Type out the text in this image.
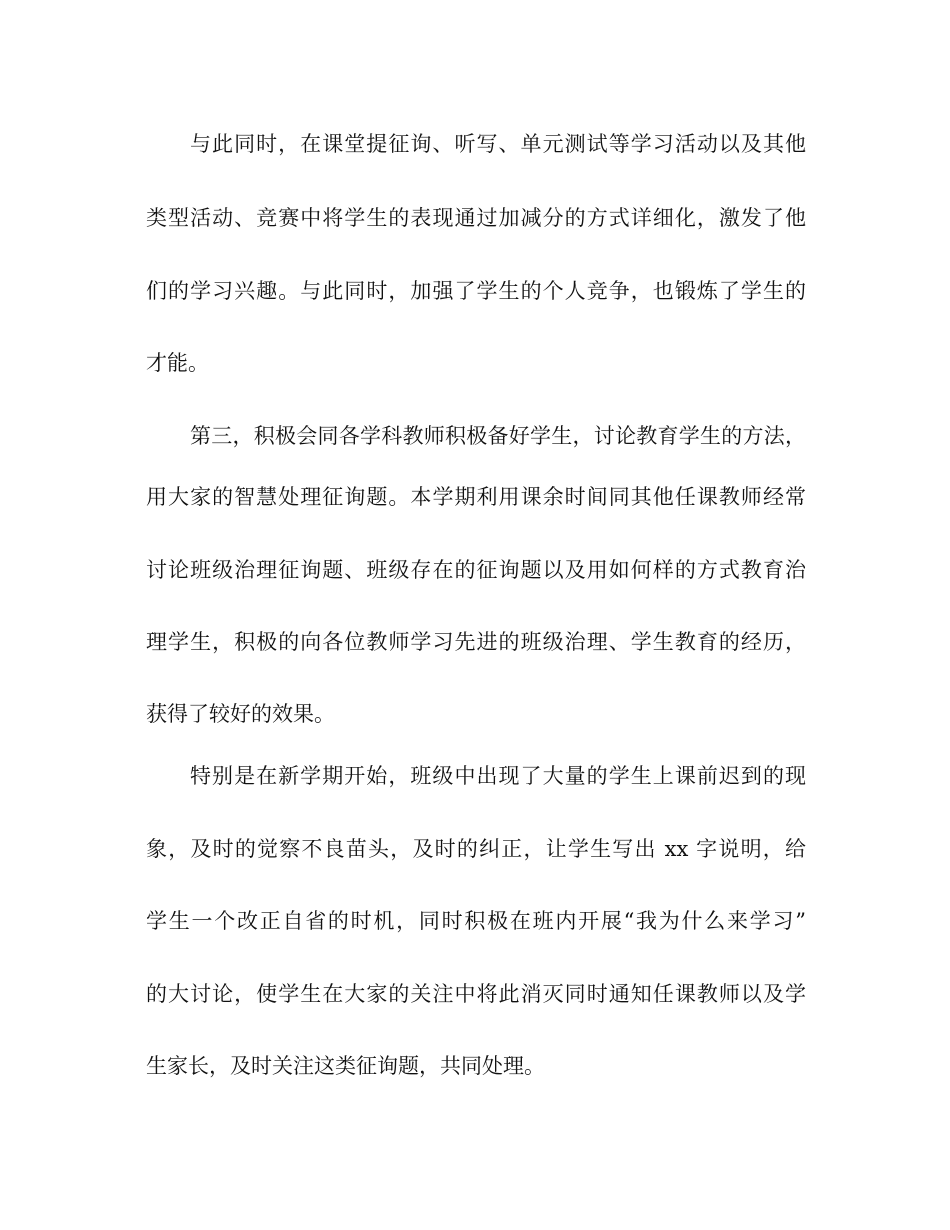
与此同时，在课堂提征询、听写、单元测试等学习活动以及其他
类型活动、竞赛中将学生的表现通过加减分的方式详细化，激发了他
们的学习兴趣。与此同时，加强了学生的个人竞争，也锻炼了学生的
才能。
第三，积极会同各学科教师积极备好学生，讨论教育学生的方法，
用大家的智慧处理征询题。本学期利用课余时间同其他任课教师经常
讨论班级治理征询题、班级存在的征询题以及用如何样的方式教育治
理学生，积极的向各位教师学习先进的班级治理、学生教育的经历，
获得了较好的效果。
特别是在新学期开始，班级中出现了大量的学生上课前迟到的现
象，及时的觉察不良苗头，及时的纠正，让学生写出 xx 字说明，给
学生一个改正自省的时机，同时积极在班内开展“我为什么来学习”
的大讨论，使学生在大家的关注中将此消灭同时通知任课教师以及学
生家长，及时关注这类征询题，共同处理。
